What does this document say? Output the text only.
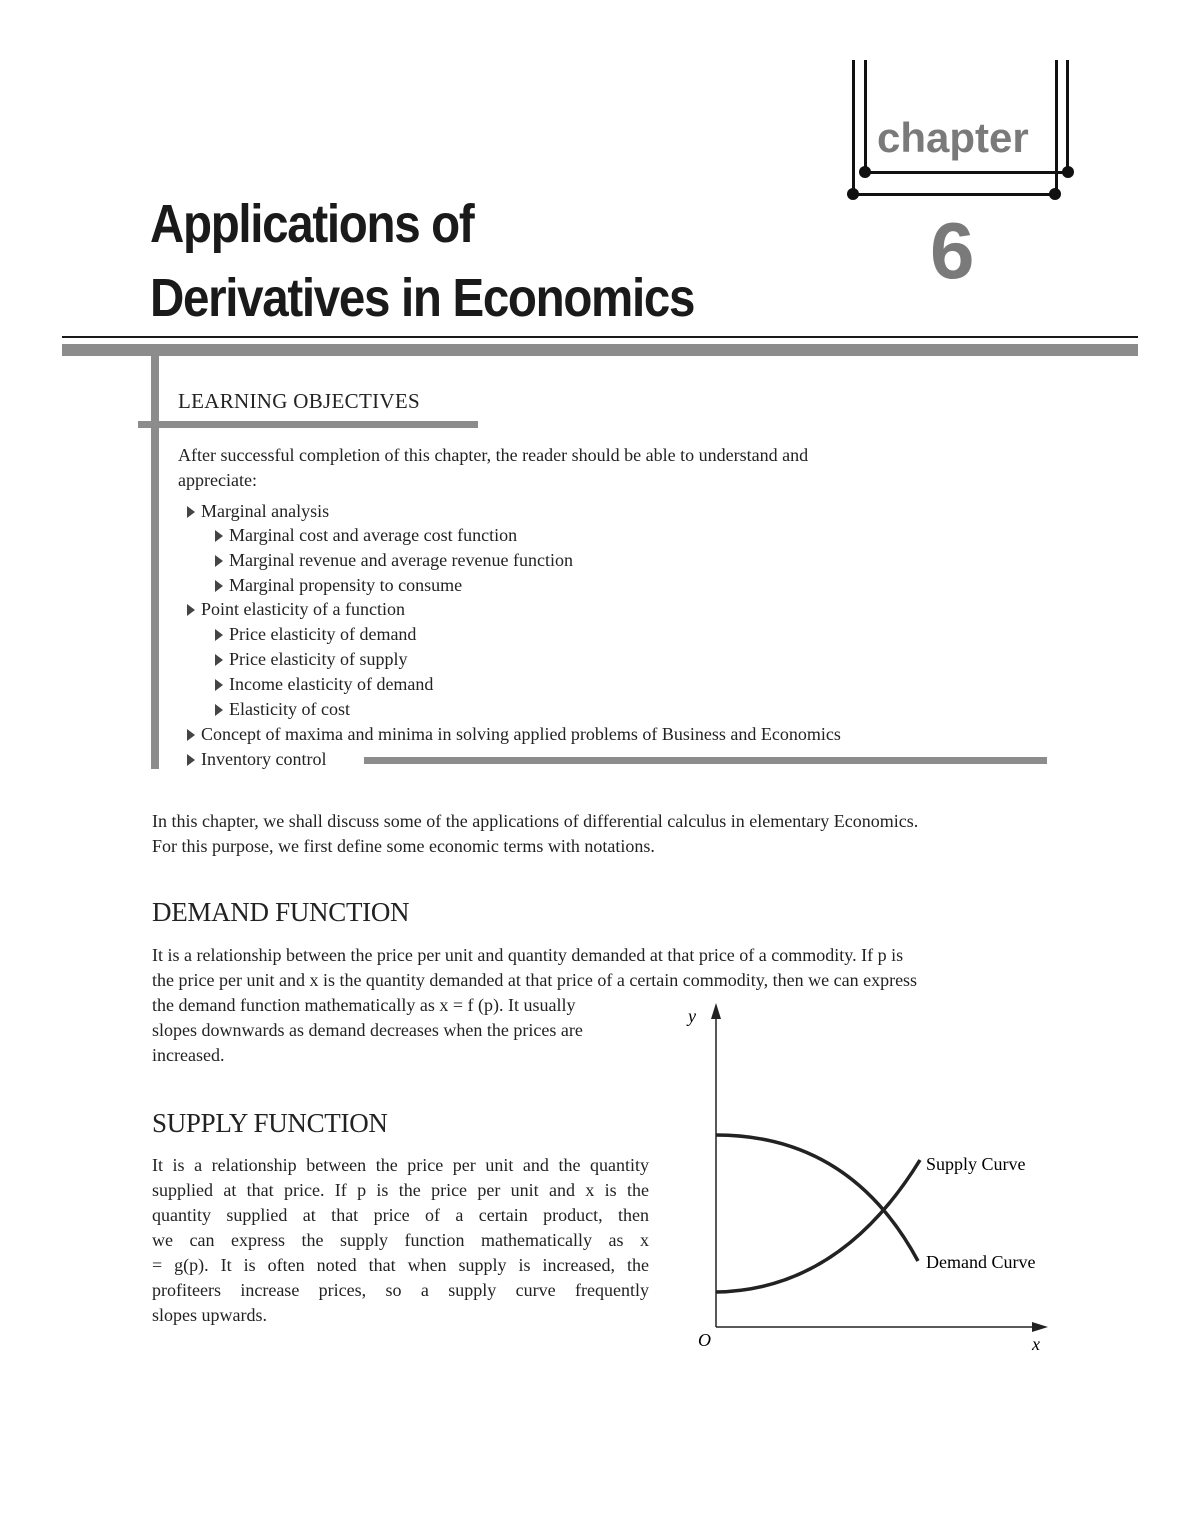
chapter
6
Applications of
Derivatives in Economics
LEARNING OBJECTIVES
After successful completion of this chapter, the reader should be able to understand and
appreciate:
Marginal analysis
Marginal cost and average cost function
Marginal revenue and average revenue function
Marginal propensity to consume
Point elasticity of a function
Price elasticity of demand
Price elasticity of supply
Income elasticity of demand
Elasticity of cost
Concept of maxima and minima in solving applied problems of Business and Economics
Inventory control
In this chapter, we shall discuss some of the applications of differential calculus in elementary Economics.
For this purpose, we first define some economic terms with notations.
DEMAND FUNCTION
It is a relationship between the price per unit and quantity demanded at that price of a commodity. If p is
the price per unit and x is the quantity demanded at that price of a certain commodity, then we can express
the demand function mathematically as x = f (p). It usually
slopes downwards as demand decreases when the prices are
increased.
SUPPLY FUNCTION
It is a relationship between the price per unit and the quantity
supplied at that price. If p is the price per unit and x is the
quantity supplied at that price of a certain product, then
we can express the supply function mathematically as x
= g(p). It is often noted that when supply is increased, the
profiteers increase prices, so a supply curve frequently
slopes upwards.
y
x
O
Supply Curve
Demand Curve
